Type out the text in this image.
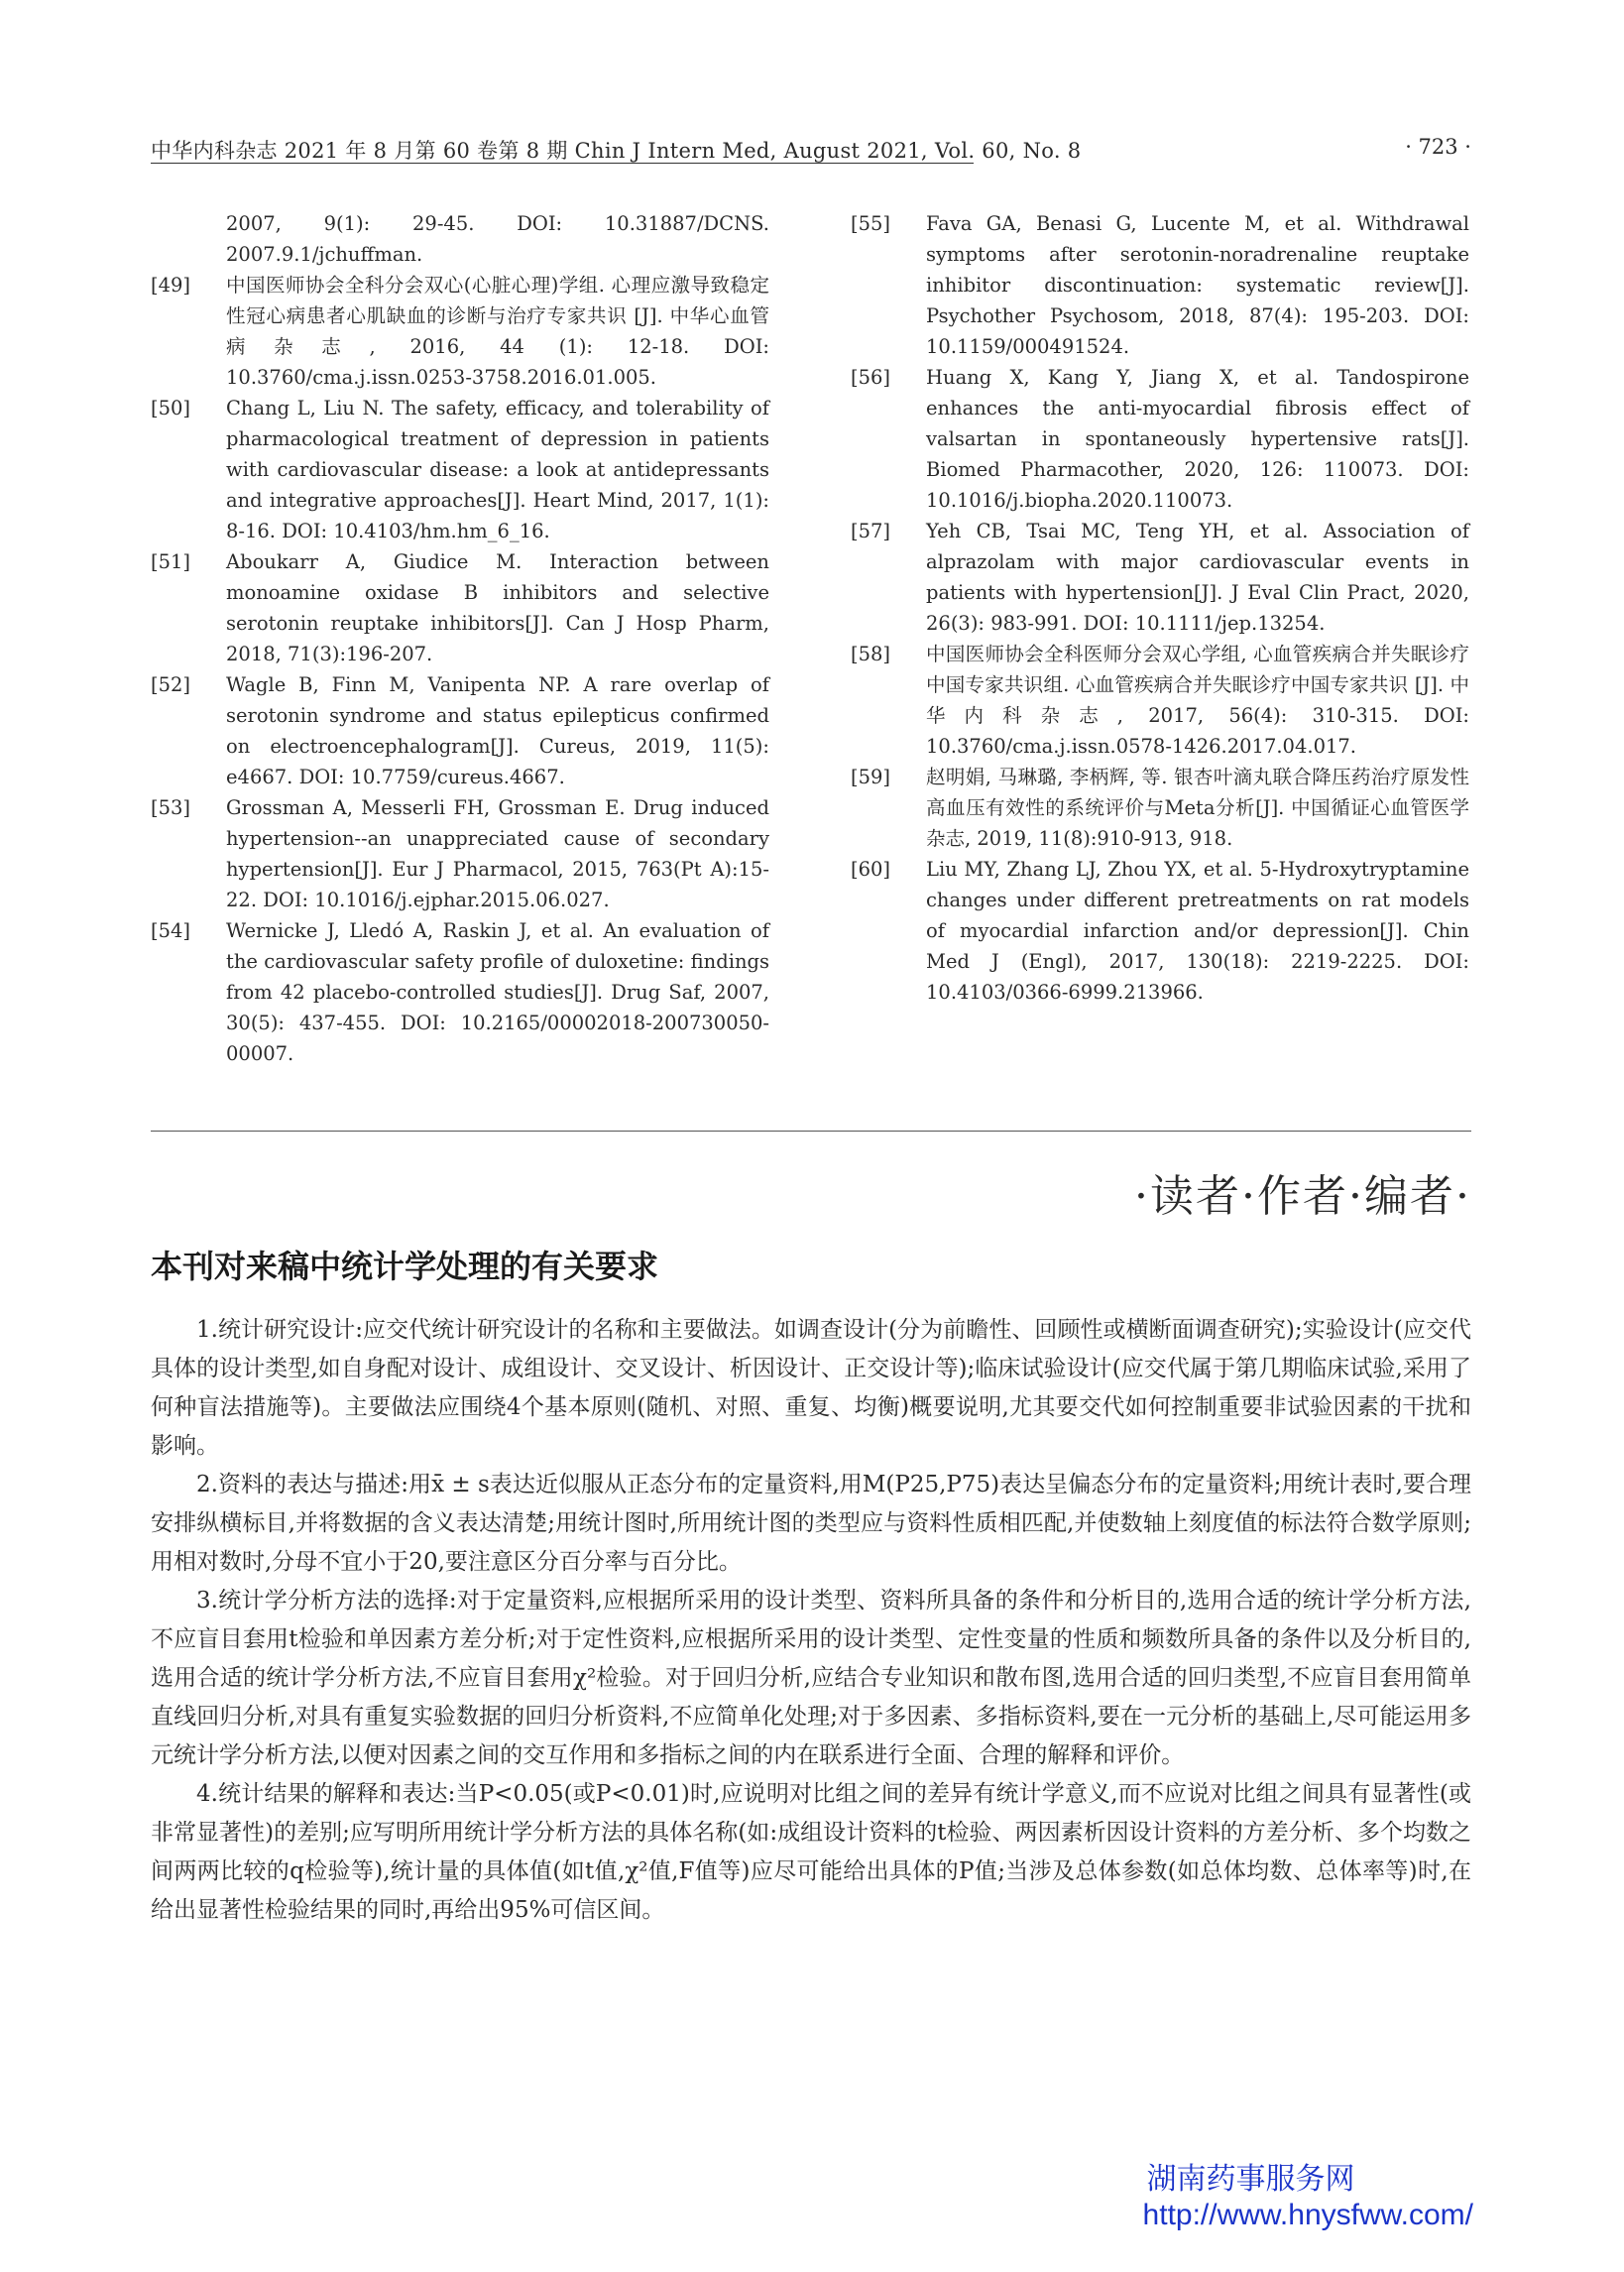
中华内科杂志 2021 年 8 月第 60 卷第 8 期 Chin J Intern Med, August 2021, Vol. 60, No. 8	· 723 ·
2007, 9(1): 29-45. DOI: 10.31887/DCNS. 2007.9.1/jchuffman.
[49]	中国医师协会全科分会双心(心脏心理)学组. 心理应激导致稳定性冠心病患者心肌缺血的诊断与治疗专家共识 [J]. 中华心血管病杂志, 2016, 44 (1): 12-18. DOI: 10.3760/cma.j.issn.0253-3758.2016.01.005.
[50]	Chang L, Liu N. The safety, efficacy, and tolerability of pharmacological treatment of depression in patients with cardiovascular disease: a look at antidepressants and integrative approaches[J]. Heart Mind, 2017, 1(1): 8-16. DOI: 10.4103/hm.hm_6_16.
[51]	Aboukarr A, Giudice M. Interaction between monoamine oxidase B inhibitors and selective serotonin reuptake inhibitors[J]. Can J Hosp Pharm, 2018, 71(3):196-207.
[52]	Wagle B, Finn M, Vanipenta NP. A rare overlap of serotonin syndrome and status epilepticus confirmed on electroencephalogram[J]. Cureus, 2019, 11(5): e4667. DOI: 10.7759/cureus.4667.
[53]	Grossman A, Messerli FH, Grossman E. Drug induced hypertension--an unappreciated cause of secondary hypertension[J]. Eur J Pharmacol, 2015, 763(Pt A):15-22. DOI: 10.1016/j.ejphar.2015.06.027.
[54]	Wernicke J, Lledó A, Raskin J, et al. An evaluation of the cardiovascular safety profile of duloxetine: findings from 42 placebo-controlled studies[J]. Drug Saf, 2007, 30(5): 437-455. DOI: 10.2165/00002018-200730050-00007.
[55]	Fava GA, Benasi G, Lucente M, et al. Withdrawal symptoms after serotonin-noradrenaline reuptake inhibitor discontinuation: systematic review[J]. Psychother Psychosom, 2018, 87(4): 195-203. DOI: 10.1159/000491524.
[56]	Huang X, Kang Y, Jiang X, et al. Tandospirone enhances the anti-myocardial fibrosis effect of valsartan in spontaneously hypertensive rats[J]. Biomed Pharmacother, 2020, 126: 110073. DOI: 10.1016/j.biopha.2020.110073.
[57]	Yeh CB, Tsai MC, Teng YH, et al. Association of alprazolam with major cardiovascular events in patients with hypertension[J]. J Eval Clin Pract, 2020, 26(3): 983-991. DOI: 10.1111/jep.13254.
[58]	中国医师协会全科医师分会双心学组, 心血管疾病合并失眠诊疗中国专家共识组. 心血管疾病合并失眠诊疗中国专家共识 [J]. 中华内科杂志, 2017, 56(4): 310-315. DOI: 10.3760/cma.j.issn.0578-1426.2017.04.017.
[59]	赵明娟, 马琳璐, 李柄辉, 等. 银杏叶滴丸联合降压药治疗原发性高血压有效性的系统评价与Meta分析[J]. 中国循证心血管医学杂志, 2019, 11(8):910-913, 918.
[60]	Liu MY, Zhang LJ, Zhou YX, et al. 5-Hydroxytryptamine changes under different pretreatments on rat models of myocardial infarction and/or depression[J]. Chin Med J (Engl), 2017, 130(18): 2219-2225. DOI: 10.4103/0366-6999.213966.
·读者·作者·编者·
本刊对来稿中统计学处理的有关要求

1.统计研究设计:应交代统计研究设计的名称和主要做法。如调查设计(分为前瞻性、回顾性或横断面调查研究);实验设计(应交代具体的设计类型,如自身配对设计、成组设计、交叉设计、析因设计、正交设计等);临床试验设计(应交代属于第几期临床试验,采用了何种盲法措施等)。主要做法应围绕4个基本原则(随机、对照、重复、均衡)概要说明,尤其要交代如何控制重要非试验因素的干扰和影响。

2.资料的表达与描述:用x̄ ± s表达近似服从正态分布的定量资料,用M(P25,P75)表达呈偏态分布的定量资料;用统计表时,要合理安排纵横标目,并将数据的含义表达清楚;用统计图时,所用统计图的类型应与资料性质相匹配,并使数轴上刻度值的标法符合数学原则;用相对数时,分母不宜小于20,要注意区分百分率与百分比。

3.统计学分析方法的选择:对于定量资料,应根据所采用的设计类型、资料所具备的条件和分析目的,选用合适的统计学分析方法,不应盲目套用t检验和单因素方差分析;对于定性资料,应根据所采用的设计类型、定性变量的性质和频数所具备的条件以及分析目的,选用合适的统计学分析方法,不应盲目套用χ²检验。对于回归分析,应结合专业知识和散布图,选用合适的回归类型,不应盲目套用简单直线回归分析,对具有重复实验数据的回归分析资料,不应简单化处理;对于多因素、多指标资料,要在一元分析的基础上,尽可能运用多元统计学分析方法,以便对因素之间的交互作用和多指标之间的内在联系进行全面、合理的解释和评价。

4.统计结果的解释和表达:当P<0.05(或P<0.01)时,应说明对比组之间的差异有统计学意义,而不应说对比组之间具有显著性(或非常显著性)的差别;应写明所用统计学分析方法的具体名称(如:成组设计资料的t检验、两因素析因设计资料的方差分析、多个均数之间两两比较的q检验等),统计量的具体值(如t值,χ²值,F值等)应尽可能给出具体的P值;当涉及总体参数(如总体均数、总体率等)时,在给出显著性检验结果的同时,再给出95%可信区间。

湖南药事服务网
http://www.hnysfww.com/
